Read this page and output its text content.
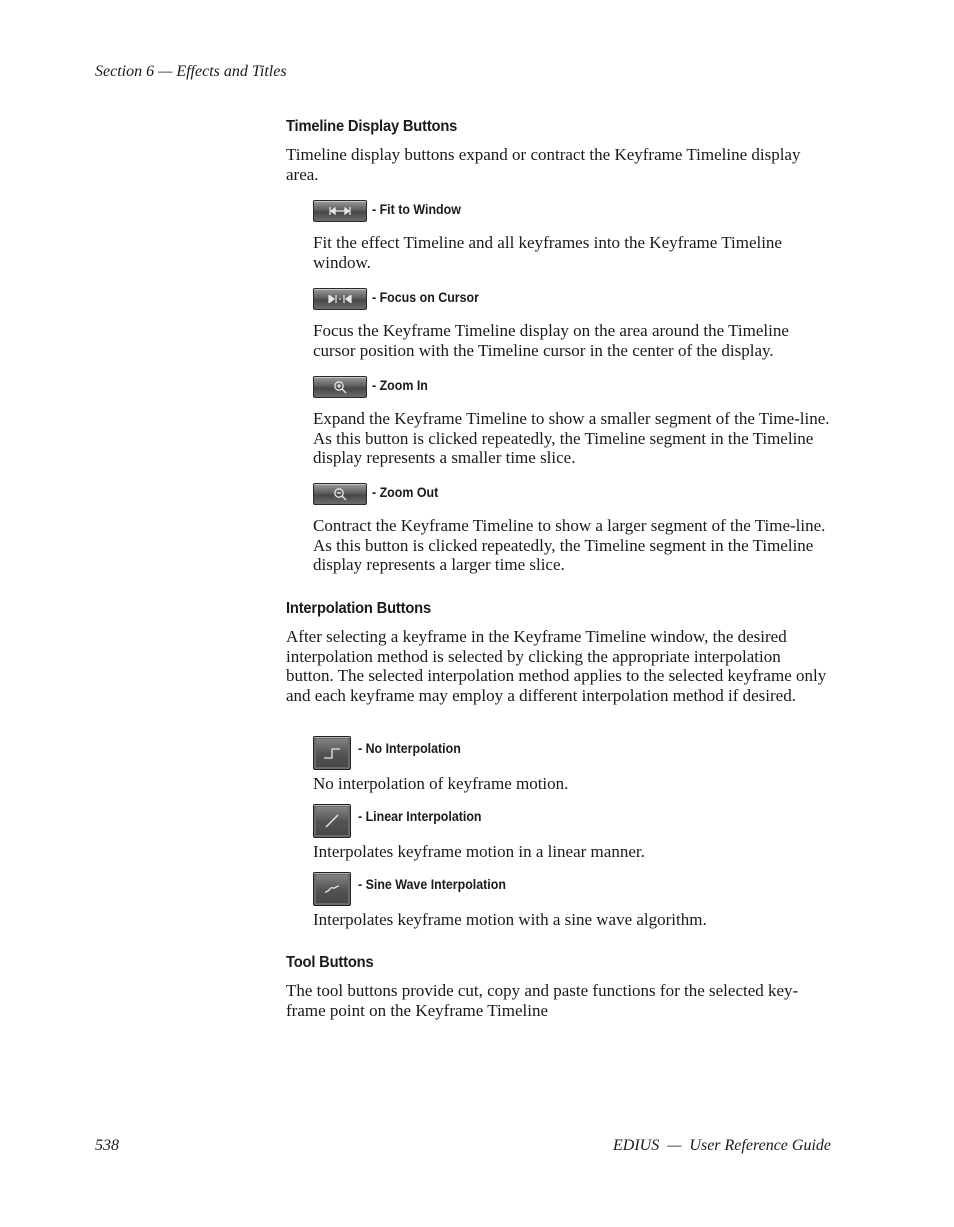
Section 6 — Effects and Titles
Timeline Display Buttons

Timeline display buttons expand or contract the Keyframe Timeline display area.

- Fit to Window

Fit the effect Timeline and all keyframes into the Keyframe Timeline window.

- Focus on Cursor

Focus the Keyframe Timeline display on the area around the Timeline cursor position with the Timeline cursor in the center of the display.

- Zoom In

Expand the Keyframe Timeline to show a smaller segment of the Time-line. As this button is clicked repeatedly, the Timeline segment in the Timeline display represents a smaller time slice.

- Zoom Out

Contract the Keyframe Timeline to show a larger segment of the Time-line. As this button is clicked repeatedly, the Timeline segment in the Timeline display represents a larger time slice.

Interpolation Buttons

After selecting a keyframe in the Keyframe Timeline window, the desired interpolation method is selected by clicking the appropriate interpolation button. The selected interpolation method applies to the selected keyframe only and each keyframe may employ a different interpolation method if desired.

- No Interpolation

No interpolation of keyframe motion.

- Linear Interpolation

Interpolates keyframe motion in a linear manner.

- Sine Wave Interpolation

Interpolates keyframe motion with a sine wave algorithm.

Tool Buttons

The tool buttons provide cut, copy and paste functions for the selected key-frame point on the Keyframe Timeline

538	EDIUS  —  User Reference Guide
